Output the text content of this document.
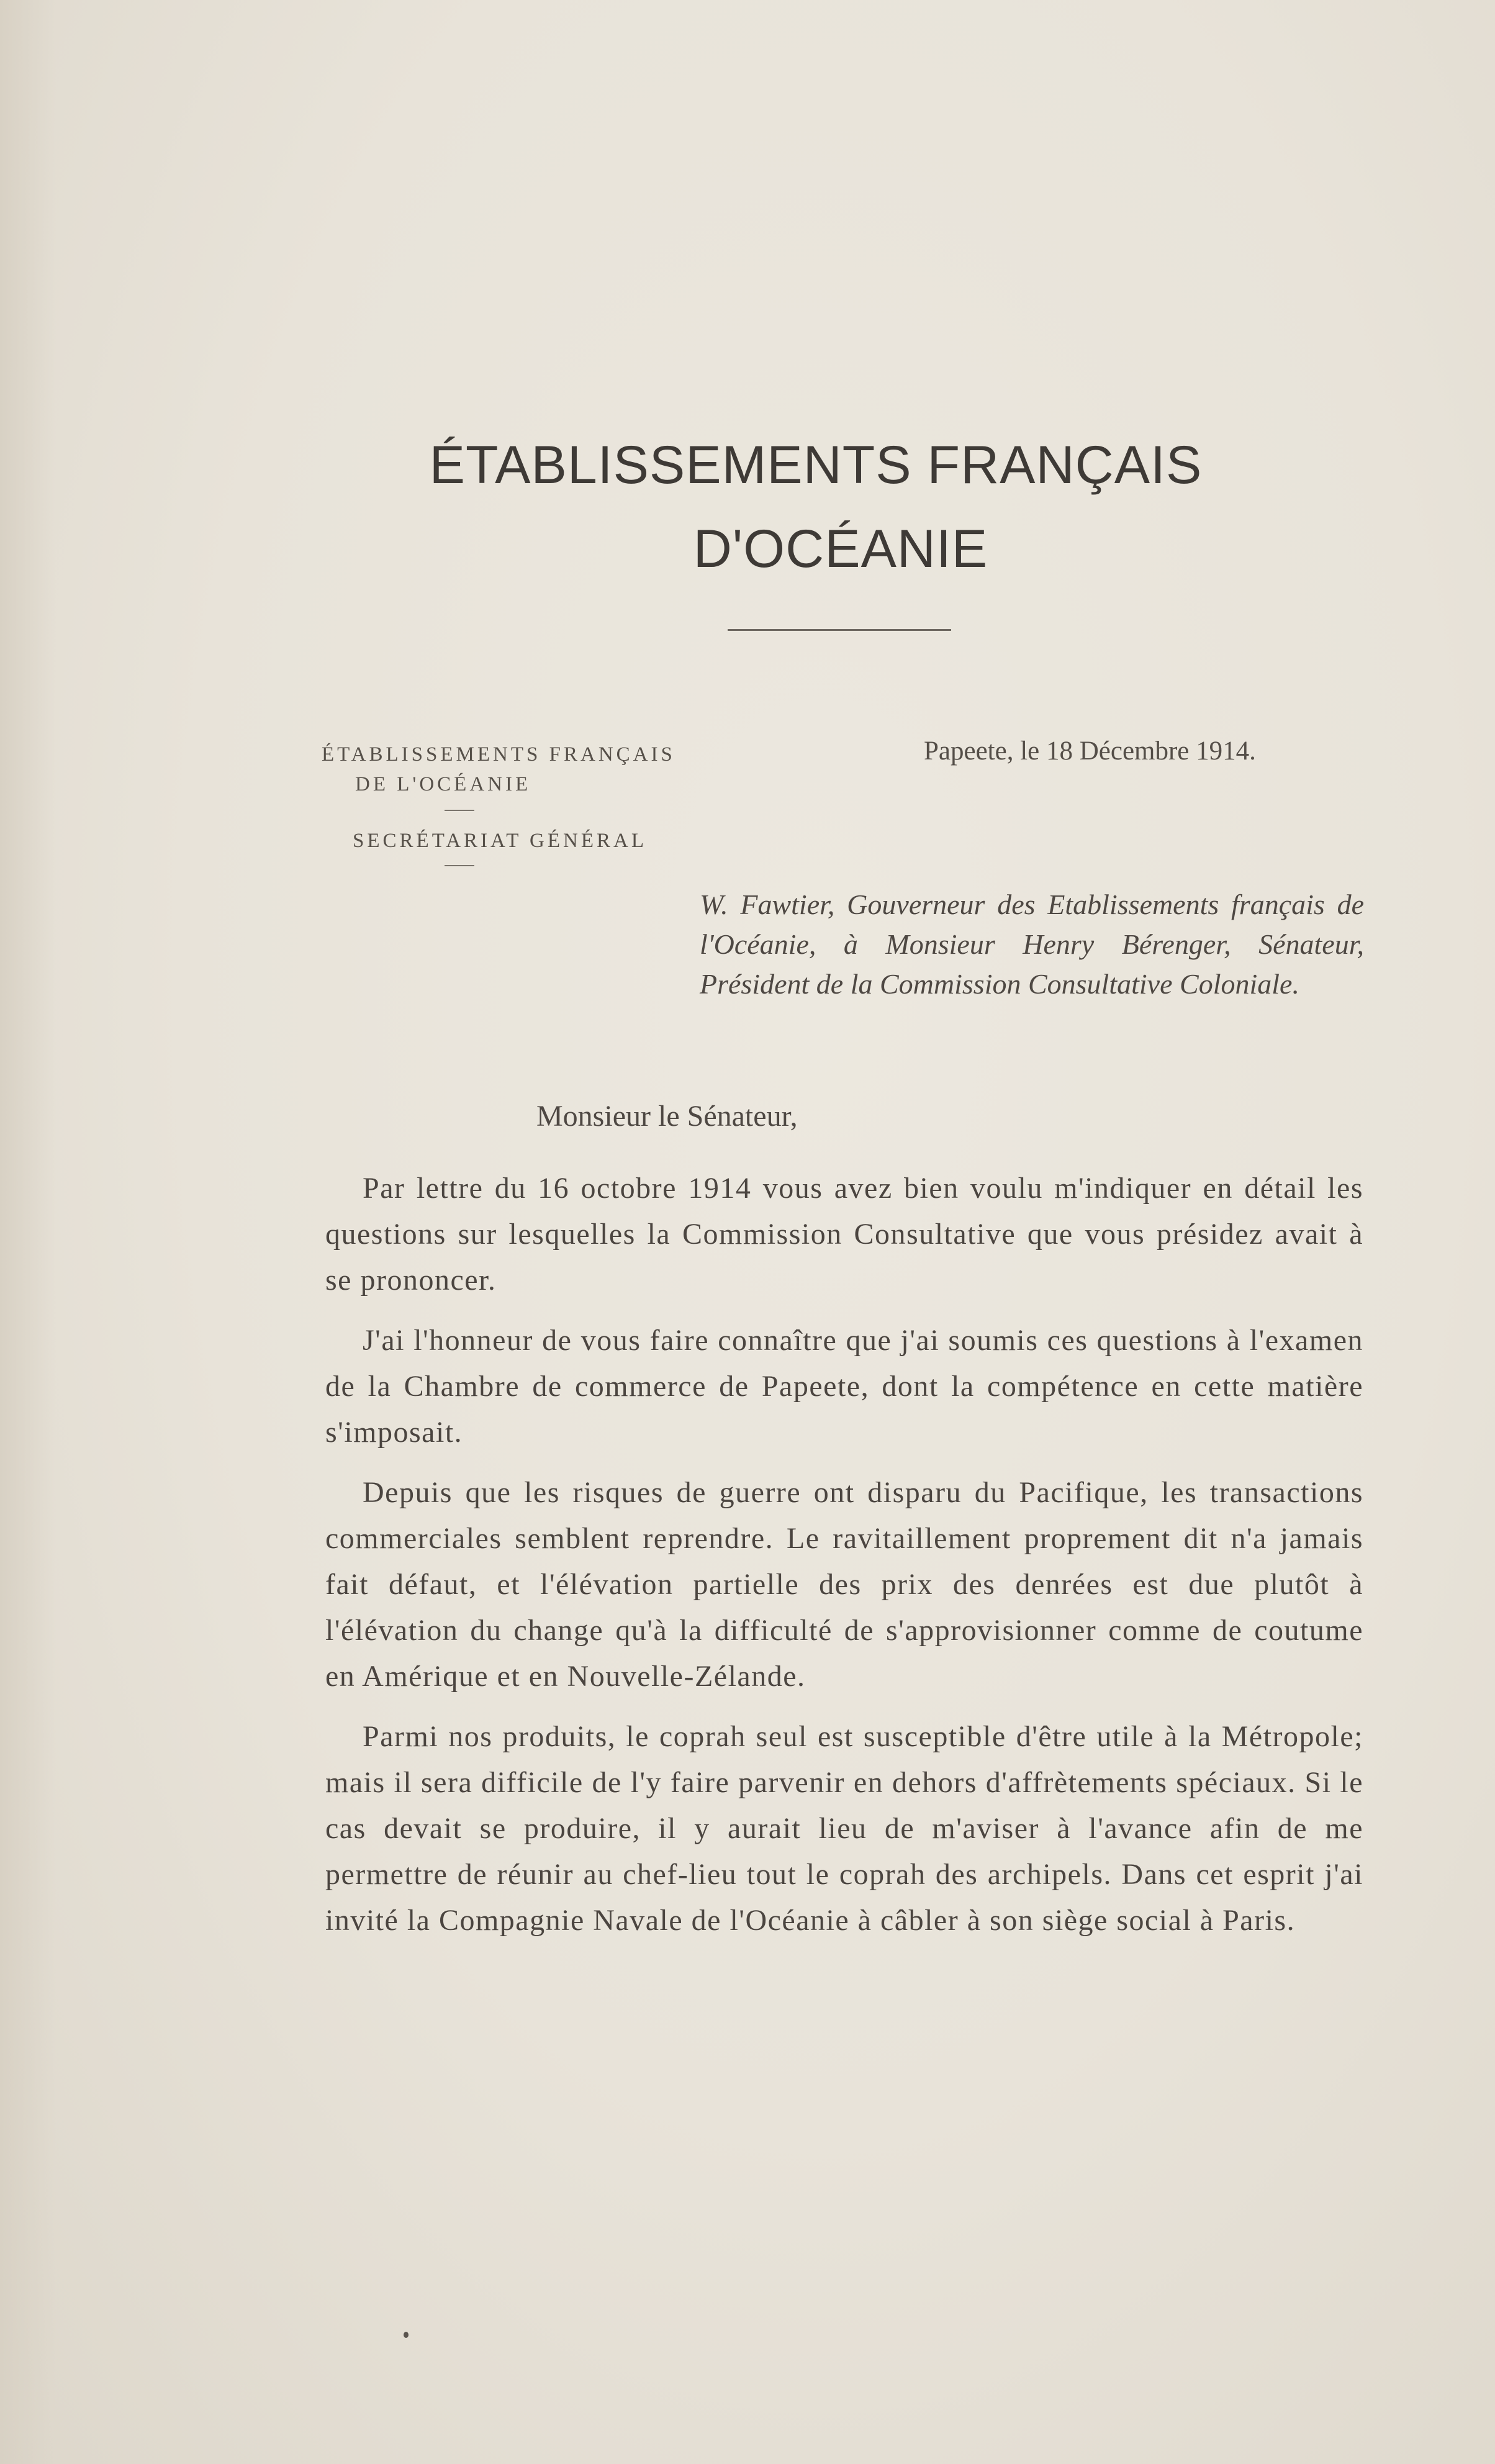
ÉTABLISSEMENTS FRANÇAIS
D'OCÉANIE
ÉTABLISSEMENTS FRANÇAIS
DE L'OCÉANIE
SECRÉTARIAT GÉNÉRAL
Papeete, le 18 Décembre 1914.
W. Fawtier, Gouverneur des Etablissements français de l'Océanie, à Monsieur Henry Bérenger, Sénateur, Président de la Commission Consultative Coloniale.
Monsieur le Sénateur,

Par lettre du 16 octobre 1914 vous avez bien voulu m'indiquer en détail les questions sur lesquelles la Commission Consultative que vous présidez avait à se prononcer.

J'ai l'honneur de vous faire connaître que j'ai soumis ces questions à l'examen de la Chambre de commerce de Papeete, dont la compétence en cette matière s'imposait.

Depuis que les risques de guerre ont disparu du Pacifique, les transactions commerciales semblent reprendre. Le ravitaillement proprement dit n'a jamais fait défaut, et l'élévation partielle des prix des denrées est due plutôt à l'élévation du change qu'à la difficulté de s'approvisionner comme de coutume en Amérique et en Nouvelle-Zélande.

Parmi nos produits, le coprah seul est susceptible d'être utile à la Métropole; mais il sera difficile de l'y faire parvenir en dehors d'affrètements spéciaux. Si le cas devait se produire, il y aurait lieu de m'aviser à l'avance afin de me permettre de réunir au chef-lieu tout le coprah des archipels. Dans cet esprit j'ai invité la Compagnie Navale de l'Océanie à câbler à son siège social à Paris.
